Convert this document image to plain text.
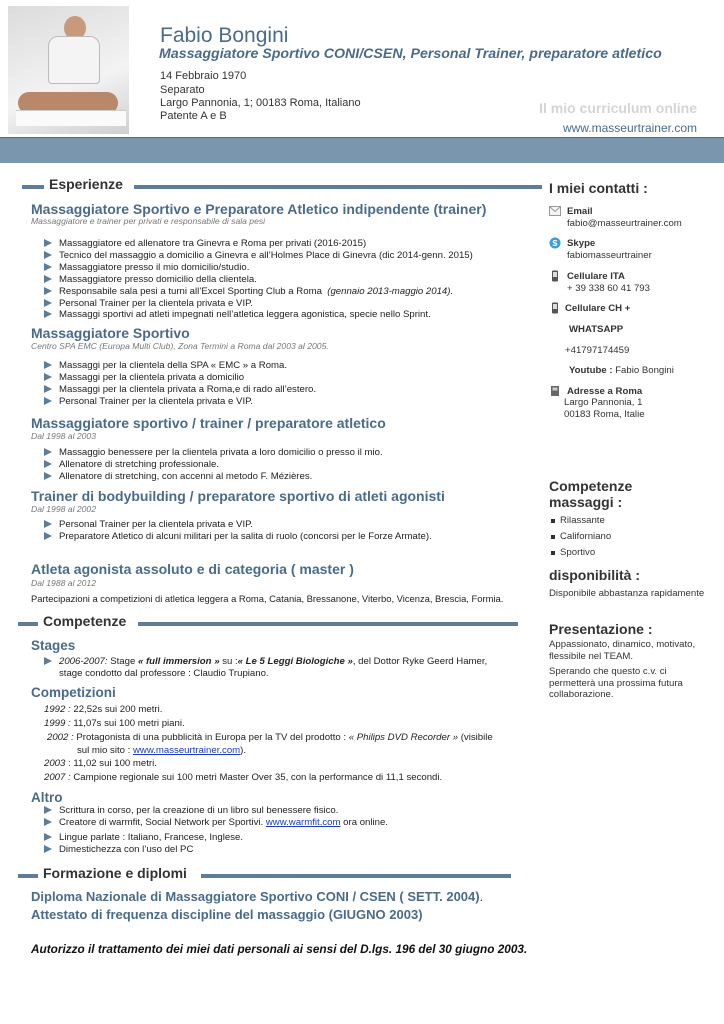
Fabio Bongini
Massaggiatore Sportivo CONI/CSEN, Personal Trainer, preparatore atletico
14 Febbraio 1970
Separato
Largo Pannonia, 1; 00183 Roma, Italiano
Patente A e B	Il mio curriculum online
www.masseurtrainer.com
Esperienze
Massaggiatore Sportivo e Preparatore Atletico indipendente (trainer)
Massaggiatore e trainer per privati e responsabile di sala pesi
Massaggiatore ed allenatore tra Ginevra e Roma per privati (2016-2015)
Tecnico del massaggio a domicilio a Ginevra e all’Holmes Place di Ginevra (dic 2014-genn. 2015)
Massaggiatore presso il mio domicilio/studio.
Massaggiatore presso domicilio della clientela.
Responsabile sala pesi a turni all’Excel Sporting Club a Roma (gennaio 2013-maggio 2014).
Personal Trainer per la clientela privata e VIP.
Massaggi sportivi ad atleti impegnati nell’atletica leggera agonistica, specie nello Sprint.
Massaggiatore Sportivo
Centro SPA EMC (Europa Multi Club), Zona Termini a Roma dal 2003 al 2005.
Massaggi per la clientela della SPA « EMC » a Roma.
Massaggi per la clientela privata a domicilio
Massaggi per la clientela privata a Roma,e di rado all’estero.
Personal Trainer per la clientela privata e VIP.
Massaggiatore sportivo / trainer / preparatore atletico
Dal 1998 al 2003
Massaggio benessere per la clientela privata a loro domicilio o presso il mio.
Allenatore di stretching professionale.
Allenatore di stretching, con accenni al metodo F. Mézières.
Trainer di bodybuilding / preparatore sportivo di atleti agonisti
Dal 1998 al 2002
Personal Trainer per la clientela privata e VIP.
Preparatore Atletico di alcuni militari per la salita di ruolo (concorsi per le Forze Armate).
Atleta agonista assoluto e di categoria ( master )
Dal 1988 al 2012
Partecipazioni a competizioni di atletica leggera a Roma, Catania, Bressanone, Viterbo, Vicenza, Brescia, Formia.
Competenze
Stages
2006-2007: Stage « full immersion » su :« Le 5 Leggi Biologiche », del Dottor Ryke Geerd Hamer,
stage condotto dal professore : Claudio Trupiano.
Competizioni
1992 : 22,52s sui 200 metri.
1999 : 11,07s sui 100 metri piani.
2002 : Protagonista di una pubblicità in Europa per la TV del prodotto : « Philips DVD Recorder » (visibile
sul mio sito : www.masseurtrainer.com).
2003 : 11,02 sui 100 metri.
2007 : Campione regionale sui 100 metri Master Over 35, con la performance di 11,1 secondi.
Altro
Scrittura in corso, per la creazione di un libro sul benessere fisico.
Creatore di warmfit, Social Network per Sportivi. www.warmfit.com ora online.
Lingue parlate : Italiano, Francese, Inglese.
Dimestichezza con l’uso del PC
Formazione e diplomi
Diploma Nazionale di Massaggiatore Sportivo CONI / CSEN ( SETT. 2004).
Attestato di frequenza discipline del massaggio (GIUGNO 2003)
Autorizzo il trattamento dei miei dati personali ai sensi del D.lgs. 196 del 30 giugno 2003.
I miei contatti :
Email
fabio@masseurtrainer.com
S Skype
fabiomasseurtrainer
Cellulare ITA
+ 39 338 60 41 793
Cellulare CH +
WHATSAPP
+41797174459
Youtube : Fabio Bongini
Adresse a Roma
Largo Pannonia, 1
00183 Roma, Italie
Competenze
massaggi :
Rilassante
Californiano
Sportivo
disponibilità :
Disponibile abbastanza rapidamente
Presentazione :
Appassionato, dinamico, motivato, flessibile nel TEAM.
Sperando che questo c.v. ci permetterà una prossima futura collaborazione.
